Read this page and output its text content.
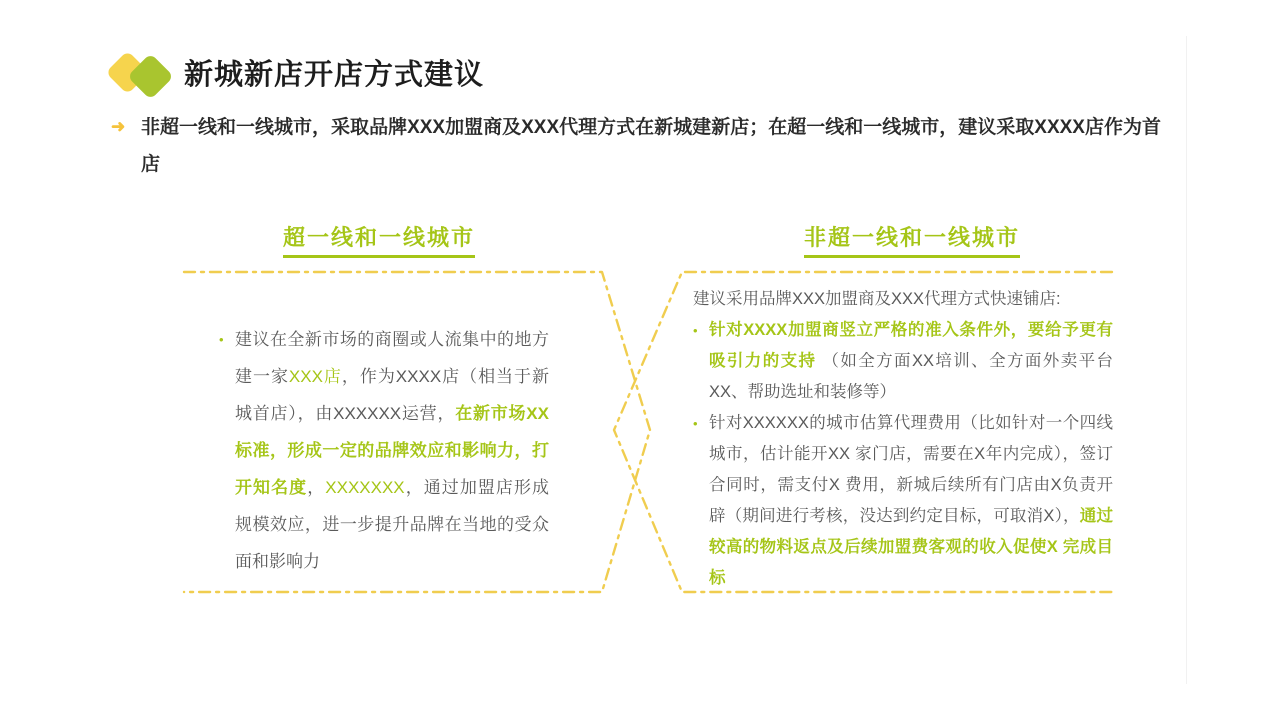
新城新店开店方式建议
➜ 非超一线和一线城市，采取品牌XXX加盟商及XXX代理方式在新城建新店；在超一线和一线城市，建议采取XXXX店作为首店

超一线和一线城市	非超一线和一线城市
• 建议在全新市场的商圈或人流集中的地方建一家XXX店，作为XXXX店（相当于新城首店），由XXXXXX运营，在新市场XX标准，形成一定的品牌效应和影响力，打开知名度，XXXXXXX，通过加盟店形成规模效应，进一步提升品牌在当地的受众面和影响力

建议采用品牌XXX加盟商及XXX代理方式快速铺店:

• 针对XXXX加盟商竖立严格的准入条件外，要给予更有吸引力的支持 （如全方面XX培训、全方面外卖平台XX、帮助选址和装修等）

• 针对XXXXXX的城市估算代理费用（比如针对一个四线城市，估计能开XX 家门店，需要在X年内完成），签订合同时，需支付X 费用，新城后续所有门店由X负责开辟（期间进行考核，没达到约定目标，可取消X），通过较高的物料返点及后续加盟费客观的收入促使X 完成目标
